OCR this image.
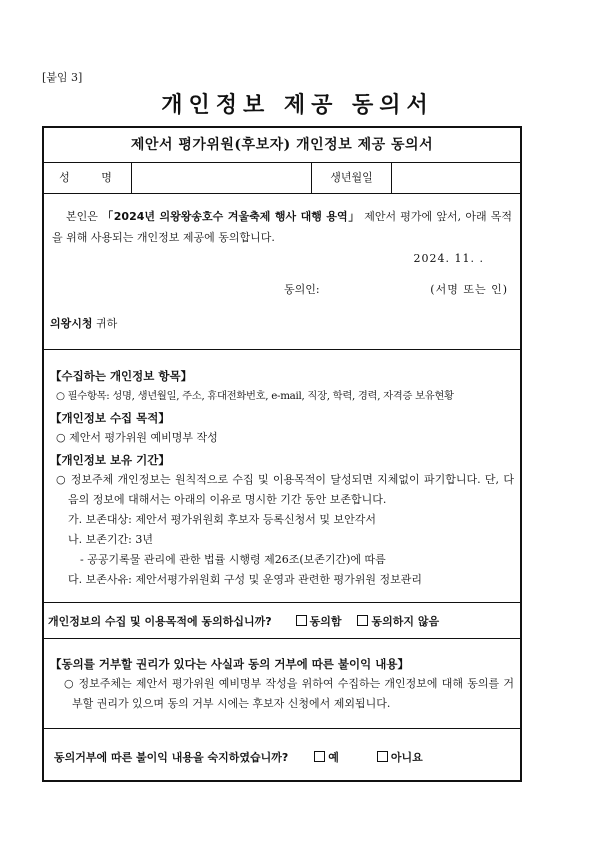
[붙임 3]
개인정보 제공 동의서
제안서 평가위원(후보자) 개인정보 제공 동의서
성 명	생년월일
본인은 「2024년 의왕왕송호수 겨울축제 행사 대행 용역」 제안서 평가에 앞서, 아래 목적을 위해 사용되는 개인정보 제공에 동의합니다.
2024. 11. .
동의인:	(서명 또는 인)
의왕시청 귀하
【수집하는 개인정보 항목】
○ 필수항목: 성명, 생년월일, 주소, 휴대전화번호, e-mail, 직장, 학력, 경력, 자격증 보유현황
【개인정보 수집 목적】
○ 제안서 평가위원 예비명부 작성
【개인정보 보유 기간】
○ 정보주체 개인정보는 원칙적으로 수집 및 이용목적이 달성되면 지체없이 파기합니다. 단, 다음의 정보에 대해서는 아래의 이유로 명시한 기간 동안 보존합니다.
가. 보존대상: 제안서 평가위원회 후보자 등록신청서 및 보안각서
나. 보존기간: 3년
- 공공기록물 관리에 관한 법률 시행령 제26조(보존기간)에 따름
다. 보존사유: 제안서평가위원회 구성 및 운영과 관련한 평가위원 정보관리
개인정보의 수집 및 이용목적에 동의하십니까?	동의함	동의하지 않음
【동의를 거부할 권리가 있다는 사실과 동의 거부에 따른 불이익 내용】
○ 정보주체는 제안서 평가위원 예비명부 작성을 위하여 수집하는 개인정보에 대해 동의를 거부할 권리가 있으며 동의 거부 시에는 후보자 신청에서 제외됩니다.
동의거부에 따른 불이익 내용을 숙지하였습니까?	예	아니요
